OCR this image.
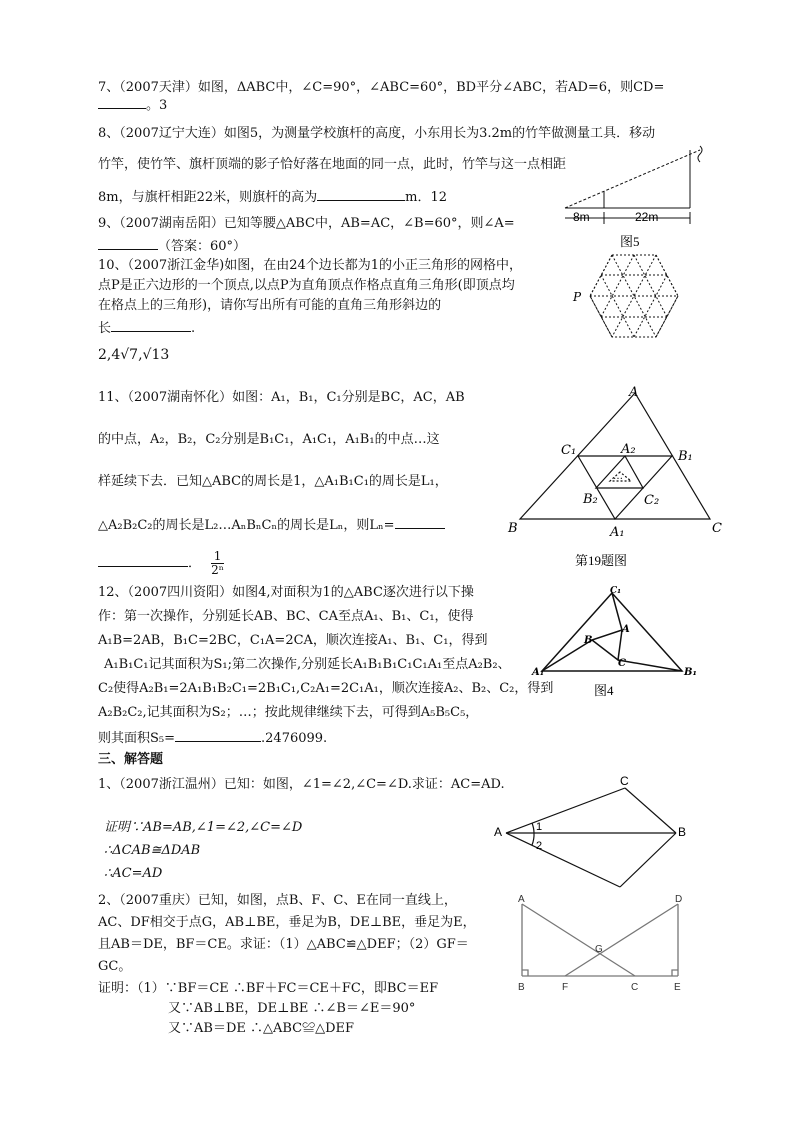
7、（2007天津）如图，ΔABC中，∠C=90°，∠ABC=60°，BD平分∠ABC，若AD=6，则CD=
。3
8、（2007辽宁大连）如图5，为测量学校旗杆的高度，小东用长为3.2m的竹竿做测量工具．移动
竹竿，使竹竿、旗杆顶端的影子恰好落在地面的同一点，此时，竹竿与这一点相距
8m，与旗杆相距22米，则旗杆的高为	m．12
8m	22m
图5
9、（2007湖南岳阳）已知等腰△ABC中，AB=AC，∠B=60°，则∠A=
（答案：60°）
10、（2007浙江金华)如图，在由24个边长都为1的小正三角形的网格中，
点P是正六边形的一个顶点,以点P为直角顶点作格点直角三角形(即顶点均
在格点上的三角形)，请你写出所有可能的直角三角形斜边的
长	.
2,4√7,√13
P
11、（2007湖南怀化）如图：A₁，B₁，C₁分别是BC，AC，AB
的中点，A₂，B₂，C₂分别是B₁C₁，A₁C₁，A₁B₁的中点…这
样延续下去．已知△ABC的周长是1，△A₁B₁C₁的周长是L₁，
△A₂B₂C₂的周长是L₂…AₙBₙCₙ的周长是Lₙ，则Lₙ=
． $\frac{1}{\text{2ⁿ}}$
A
B	C
C₁	B₁
A₁
A₂
B₂	C₂
…
第19题图
12、（2007四川资阳）如图4,对面积为1的△ABC逐次进行以下操
作：第一次操作，分别延长AB、BC、CA至点A₁、B₁、C₁，使得
A₁B=2AB，B₁C=2BC，C₁A=2CA，顺次连接A₁、B₁、C₁，得到
A₁B₁C₁记其面积为S₁;第二次操作,分别延长A₁B₁B₁C₁C₁A₁至点A₂B₂、
C₂使得A₂B₁=2A₁B₁B₂C₁=2B₁C₁,C₂A₁=2C₁A₁，顺次连接A₂、B₂、C₂，得到
A₂B₂C₂,记其面积为S₂；…；按此规律继续下去，可得到A₅B₅C₅，
则其面积S₅=	.2476099.
C₁
A
B
C
A₁	B₁
图4
三、解答题
1、（2007浙江温州）已知：如图，∠1=∠2,∠C=∠D.求证：AC=AD.
证明∵AB=AB,∠1=∠2,∠C=∠D
∴ΔCAB≅ΔDAB
∴AC=AD
C
A	B
1
2
2、（2007重庆）已知，如图，点B、F、C、E在同一直线上，
AC、DF相交于点G，AB⊥BE，垂足为B，DE⊥BE，垂足为E，
且AB＝DE，BF＝CE。求证：（1）△ABC≌△DEF；（2）GF＝
GC。
证明：（1）∵BF＝CE ∴BF＋FC＝CE＋FC，即BC＝EF
又∵AB⊥BE，DE⊥BE ∴∠B＝∠E＝90°
又∵AB＝DE ∴△ABC≌△DEF
A	D
G
B	F	C	E
